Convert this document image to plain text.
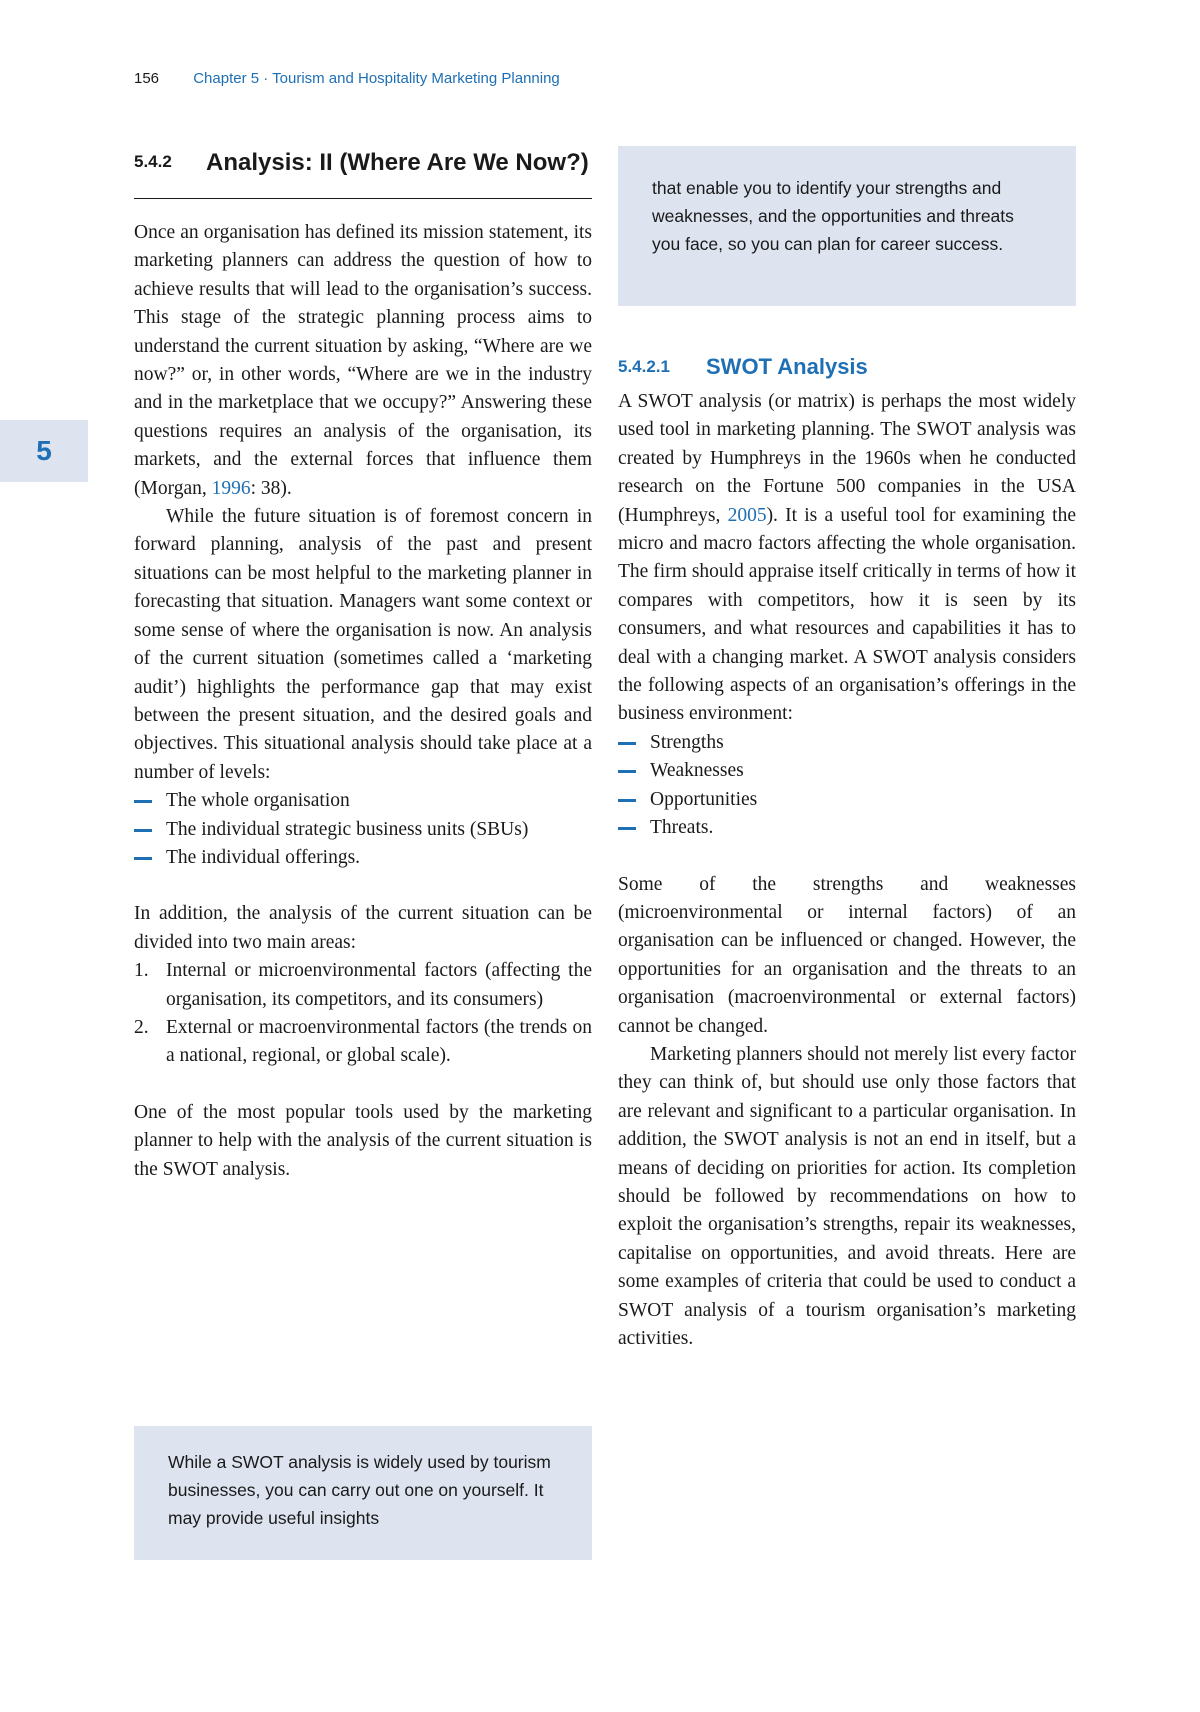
156 Chapter 5 · Tourism and Hospitality Marketing Planning
5
5.4.2	Analysis: II (Where Are We Now?)

Once an organisation has defined its mission statement, its marketing planners can address the question of how to achieve results that will lead to the organisation’s success. This stage of the strategic planning process aims to understand the current situation by asking, “Where are we now?” or, in other words, “Where are we in the industry and in the marketplace that we occupy?” Answering these questions requires an analysis of the organisation, its markets, and the external forces that influence them (Morgan, 1996: 38).

While the future situation is of foremost concern in forward planning, analysis of the past and present situations can be most helpful to the marketing planner in forecasting that situation. Managers want some context or some sense of where the organisation is now. An analysis of the current situation (sometimes called a ‘marketing audit’) highlights the performance gap that may exist between the present situation, and the desired goals and objectives. This situational analysis should take place at a number of levels:

The whole organisation
The individual strategic business units (SBUs)
The individual offerings.

In addition, the analysis of the current situation can be divided into two main areas:

1. Internal or microenvironmental factors (affecting the organisation, its competitors, and its consumers)
2. External or macroenvironmental factors (the trends on a national, regional, or global scale).

One of the most popular tools used by the marketing planner to help with the analysis of the current situation is the SWOT analysis.

While a SWOT analysis is widely used by tourism businesses, you can carry out one on yourself. It may provide useful insights
that enable you to identify your strengths and weaknesses, and the opportunities and threats you face, so you can plan for career success.
5.4.2.1	SWOT Analysis

A SWOT analysis (or matrix) is perhaps the most widely used tool in marketing planning. The SWOT analysis was created by Humphreys in the 1960s when he conducted research on the Fortune 500 companies in the USA (Humphreys, 2005). It is a useful tool for examining the micro and macro factors affecting the whole organisation. The firm should appraise itself critically in terms of how it compares with competitors, how it is seen by its consumers, and what resources and capabilities it has to deal with a changing market. A SWOT analysis considers the following aspects of an organisation’s offerings in the business environment:

Strengths
Weaknesses
Opportunities
Threats.

Some of the strengths and weaknesses (microenvironmental or internal factors) of an organisation can be influenced or changed. However, the opportunities for an organisation and the threats to an organisation (macroenvironmental or external factors) cannot be changed.

Marketing planners should not merely list every factor they can think of, but should use only those factors that are relevant and significant to a particular organisation. In addition, the SWOT analysis is not an end in itself, but a means of deciding on priorities for action. Its completion should be followed by recommendations on how to exploit the organisation’s strengths, repair its weaknesses, capitalise on opportunities, and avoid threats. Here are some examples of criteria that could be used to conduct a SWOT analysis of a tourism organisation’s marketing activities.
